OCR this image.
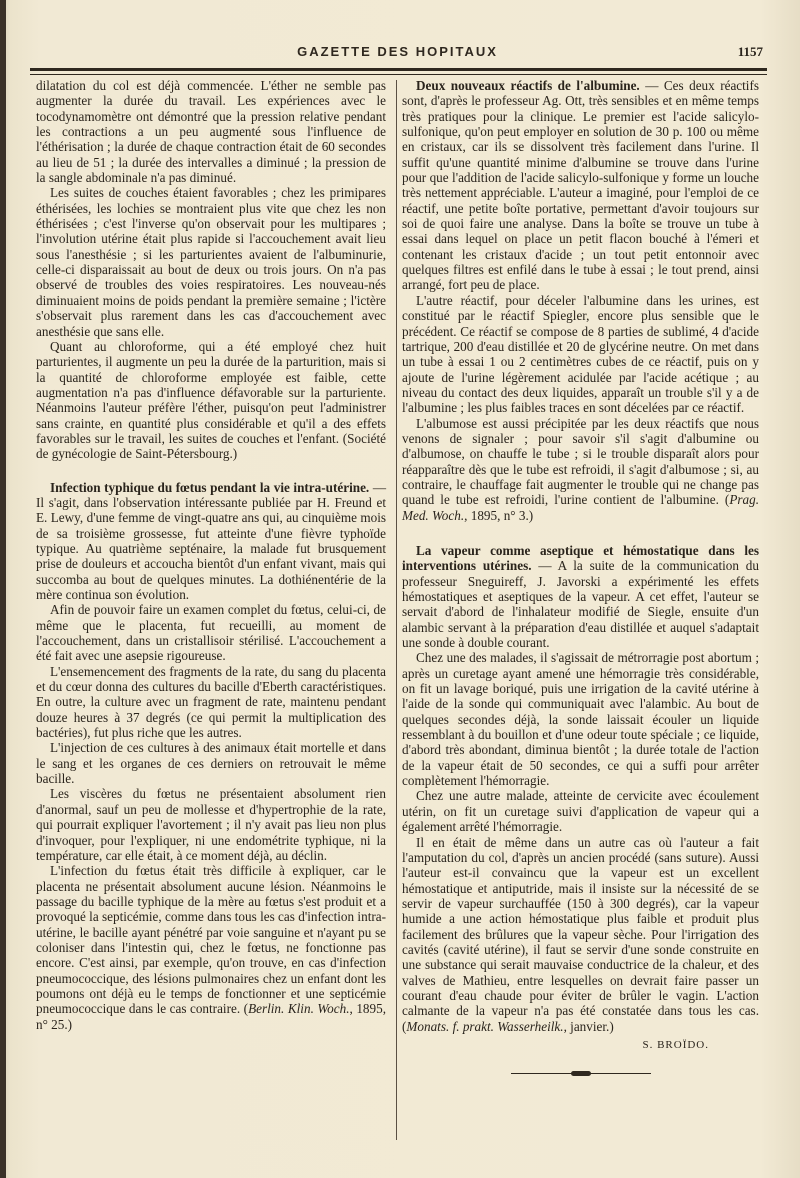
GAZETTE DES HOPITAUX	1157

dilatation du col est déjà commencée. L'éther ne semble pas augmenter la durée du travail. Les expériences avec le tocodynamomètre ont démontré que la pression relative pendant les contractions a un peu augmenté sous l'influence de l'éthérisation ; la durée de chaque contraction était de 60 secondes au lieu de 51 ; la durée des intervalles a diminué ; la pression de la sangle abdominale n'a pas diminué.

Les suites de couches étaient favorables ; chez les primipares éthérisées, les lochies se montraient plus vite que chez les non éthérisées ; c'est l'inverse qu'on observait pour les multipares ; l'involution utérine était plus rapide si l'accouchement avait lieu sous l'anesthésie ; si les parturientes avaient de l'albuminurie, celle-ci disparaissait au bout de deux ou trois jours. On n'a pas observé de troubles des voies respiratoires. Les nouveau-nés diminuaient moins de poids pendant la première semaine ; l'ictère s'observait plus rarement dans les cas d'accouchement avec anesthésie que sans elle.

Quant au chloroforme, qui a été employé chez huit parturientes, il augmente un peu la durée de la parturition, mais si la quantité de chloroforme employée est faible, cette augmentation n'a pas d'influence défavorable sur la parturiente. Néanmoins l'auteur préfère l'éther, puisqu'on peut l'administrer sans crainte, en quantité plus considérable et qu'il a des effets favorables sur le travail, les suites de couches et l'enfant. (Société de gynécologie de Saint-Pétersbourg.)

Infection typhique du fœtus pendant la vie intra-utérine. — Il s'agit, dans l'observation intéressante publiée par H. Freund et E. Lewy, d'une femme de vingt-quatre ans qui, au cinquième mois de sa troisième grossesse, fut atteinte d'une fièvre typhoïde typique. Au quatrième septénaire, la malade fut brusquement prise de douleurs et accoucha bientôt d'un enfant vivant, mais qui succomba au bout de quelques minutes. La dothiénentérie de la mère continua son évolution.

Afin de pouvoir faire un examen complet du fœtus, celui-ci, de même que le placenta, fut recueilli, au moment de l'accouchement, dans un cristallisoir stérilisé. L'accouchement a été fait avec une asepsie rigoureuse.

L'ensemencement des fragments de la rate, du sang du placenta et du cœur donna des cultures du bacille d'Eberth caractéristiques. En outre, la culture avec un fragment de rate, maintenu pendant douze heures à 37 degrés (ce qui permit la multiplication des bactéries), fut plus riche que les autres.

L'injection de ces cultures à des animaux était mortelle et dans le sang et les organes de ces derniers on retrouvait le même bacille.

Les viscères du fœtus ne présentaient absolument rien d'anormal, sauf un peu de mollesse et d'hypertrophie de la rate, qui pourrait expliquer l'avortement ; il n'y avait pas lieu non plus d'invoquer, pour l'expliquer, ni une endométrite typhique, ni la température, car elle était, à ce moment déjà, au déclin.

L'infection du fœtus était très difficile à expliquer, car le placenta ne présentait absolument aucune lésion. Néanmoins le passage du bacille typhique de la mère au fœtus s'est produit et a provoqué la septicémie, comme dans tous les cas d'infection intra-utérine, le bacille ayant pénétré par voie sanguine et n'ayant pu se coloniser dans l'intestin qui, chez le fœtus, ne fonctionne pas encore. C'est ainsi, par exemple, qu'on trouve, en cas d'infection pneumococcique, des lésions pulmonaires chez un enfant dont les poumons ont déjà eu le temps de fonctionner et une septicémie pneumococcique dans le cas contraire. (Berlin. Klin. Woch., 1895, n° 25.)

Deux nouveaux réactifs de l'albumine. — Ces deux réactifs sont, d'après le professeur Ag. Ott, très sensibles et en même temps très pratiques pour la clinique. Le premier est l'acide salicylo-sulfonique, qu'on peut employer en solution de 30 p. 100 ou même en cristaux, car ils se dissolvent très facilement dans l'urine. Il suffit qu'une quantité minime d'albumine se trouve dans l'urine pour que l'addition de l'acide salicylo-sulfonique y forme un louche très nettement appréciable. L'auteur a imaginé, pour l'emploi de ce réactif, une petite boîte portative, permettant d'avoir toujours sur soi de quoi faire une analyse. Dans la boîte se trouve un tube à essai dans lequel on place un petit flacon bouché à l'émeri et contenant les cristaux d'acide ; un tout petit entonnoir avec quelques filtres est enfilé dans le tube à essai ; le tout prend, ainsi arrangé, fort peu de place.

L'autre réactif, pour déceler l'albumine dans les urines, est constitué par le réactif Spiegler, encore plus sensible que le précédent. Ce réactif se compose de 8 parties de sublimé, 4 d'acide tartrique, 200 d'eau distillée et 20 de glycérine neutre. On met dans un tube à essai 1 ou 2 centimètres cubes de ce réactif, puis on y ajoute de l'urine légèrement acidulée par l'acide acétique ; au niveau du contact des deux liquides, apparaît un trouble s'il y a de l'albumine ; les plus faibles traces en sont décelées par ce réactif.

L'albumose est aussi précipitée par les deux réactifs que nous venons de signaler ; pour savoir s'il s'agit d'albumine ou d'albumose, on chauffe le tube ; si le trouble disparaît alors pour réapparaître dès que le tube est refroidi, il s'agit d'albumose ; si, au contraire, le chauffage fait augmenter le trouble qui ne change pas quand le tube est refroidi, l'urine contient de l'albumine. (Prag. Med. Woch., 1895, n° 3.)

La vapeur comme aseptique et hémostatique dans les interventions utérines. — A la suite de la communication du professeur Sneguireff, J. Javorski a expérimenté les effets hémostatiques et aseptiques de la vapeur. A cet effet, l'auteur se servait d'abord de l'inhalateur modifié de Siegle, ensuite d'un alambic servant à la préparation d'eau distillée et auquel s'adaptait une sonde à double courant.

Chez une des malades, il s'agissait de métrorragie post abortum ; après un curetage ayant amené une hémorragie très considérable, on fit un lavage boriqué, puis une irrigation de la cavité utérine à l'aide de la sonde qui communiquait avec l'alambic. Au bout de quelques secondes déjà, la sonde laissait écouler un liquide ressemblant à du bouillon et d'une odeur toute spéciale ; ce liquide, d'abord très abondant, diminua bientôt ; la durée totale de l'action de la vapeur était de 50 secondes, ce qui a suffi pour arrêter complètement l'hémorragie.

Chez une autre malade, atteinte de cervicite avec écoulement utérin, on fit un curetage suivi d'application de vapeur qui a également arrêté l'hémorragie.

Il en était de même dans un autre cas où l'auteur a fait l'amputation du col, d'après un ancien procédé (sans suture). Aussi l'auteur est-il convaincu que la vapeur est un excellent hémostatique et antiputride, mais il insiste sur la nécessité de se servir de vapeur surchauffée (150 à 300 degrés), car la vapeur humide a une action hémostatique plus faible et produit plus facilement des brûlures que la vapeur sèche. Pour l'irrigation des cavités (cavité utérine), il faut se servir d'une sonde construite en une substance qui serait mauvaise conductrice de la chaleur, et des valves de Mathieu, entre lesquelles on devrait faire passer un courant d'eau chaude pour éviter de brûler le vagin. L'action calmante de la vapeur n'a pas été constatée dans tous les cas. (Monats. f. prakt. Wasserheilk., janvier.)

S. BROÏDO.
